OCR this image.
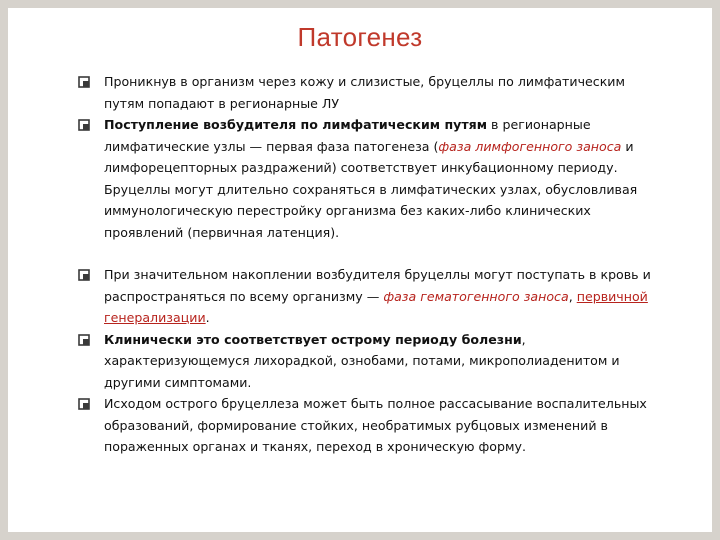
Патогенез
Проникнув в организм через кожу и слизистые, бруцеллы по лимфатическим путям попадают в регионарные ЛУ
Поступление возбудителя по лимфатическим путям в регионарные лимфатические узлы — первая фаза патогенеза (фаза лимфогенного заноса и лимфорецепторных раздражений) соответствует инкубационному периоду. Бруцеллы могут длительно сохраняться в лимфатических узлах, обусловливая иммунологическую перестройку организма без каких-либо клинических проявлений (первичная латенция).
При значительном накоплении возбудителя бруцеллы могут поступать в кровь и распространяться по всему организму — фаза гематогенного заноса, первичной генерализации.
Клинически это соответствует острому периоду болезни, характеризующемуся лихорадкой, ознобами, потами, микрополиаденитом и другими симптомами.
Исходом острого бруцеллеза может быть полное рассасывание воспалительных образований, формирование стойких, необратимых рубцовых изменений в пораженных органах и тканях, переход в хроническую форму.
